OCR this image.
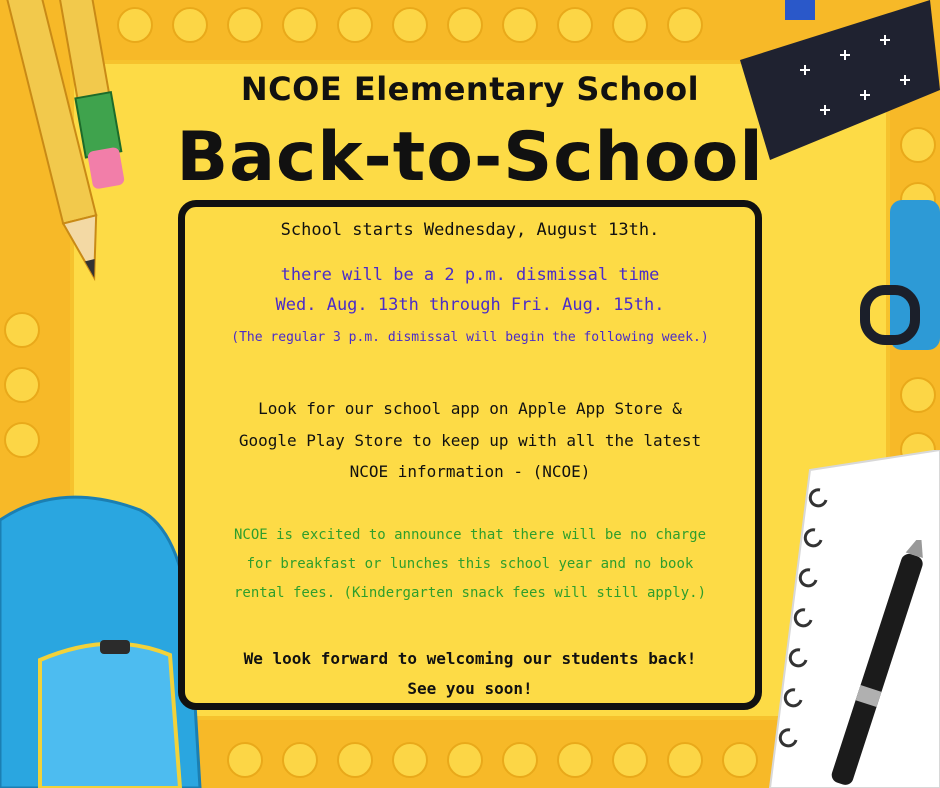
NCOE Elementary School
Back-to-School
School starts Wednesday, August 13th.
there will be a 2 p.m. dismissal time
Wed. Aug. 13th through Fri. Aug. 15th.
(The regular 3 p.m. dismissal will begin the following week.)
Look for our school app on Apple App Store &
Google Play Store to keep up with all the latest
NCOE information - (NCOE)
NCOE is excited to announce that there will be no charge
for breakfast or lunches this school year and no book
rental fees. (Kindergarten snack fees will still apply.)
We look forward to welcoming our students back!
See you soon!
